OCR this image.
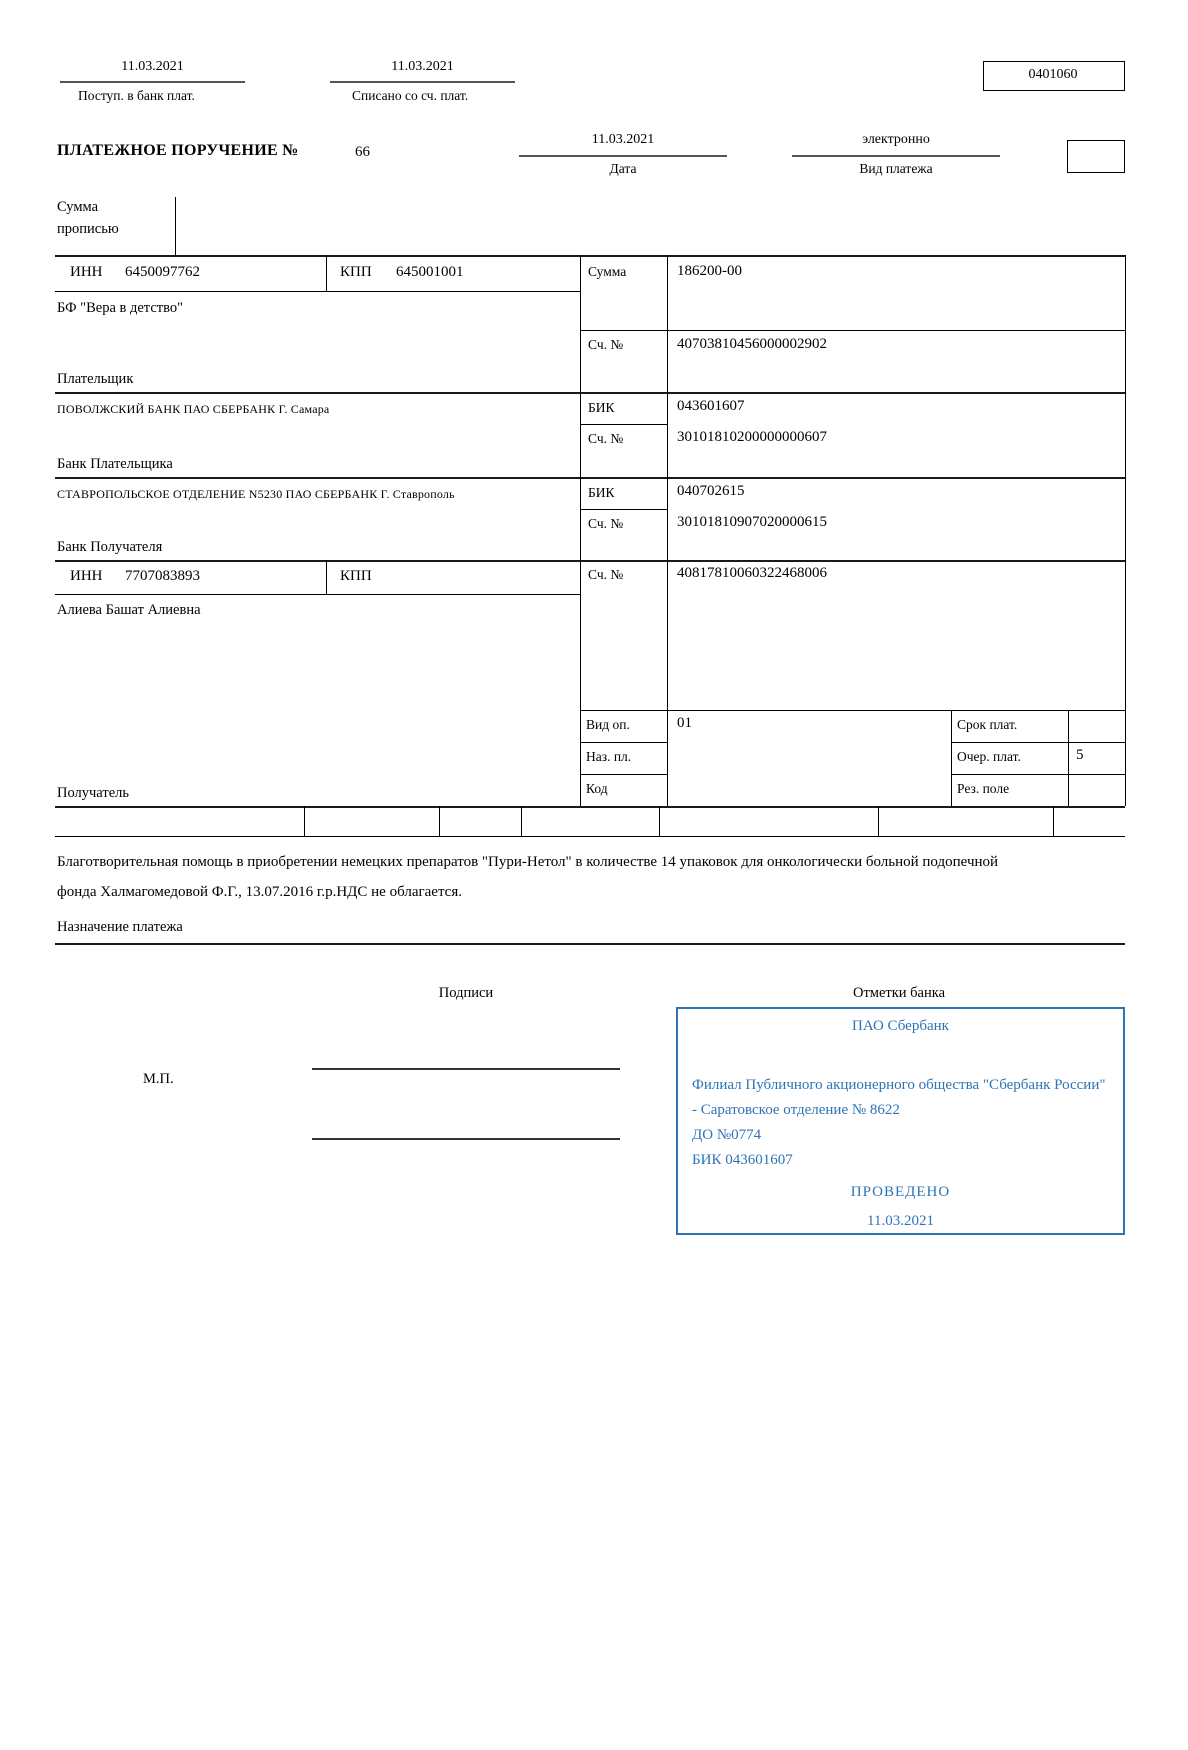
11.03.2021
Поступ. в банк плат.
11.03.2021
Списано со сч. плат.
0401060
ПЛАТЕЖНОЕ ПОРУЧЕНИЕ №	66
11.03.2021
Дата
электронно
Вид платежа
Сумма прописью
ИНН 6450097762	КПП 645001001
БФ "Вера в детство"
Плательщик
ПОВОЛЖСКИЙ БАНК ПАО СБЕРБАНК Г. Самара
Банк Плательщика
СТАВРОПОЛЬСКОЕ ОТДЕЛЕНИЕ N5230 ПАО СБЕРБАНК Г. Ставрополь
Банк Получателя
ИНН 7707083893	КПП
Алиева Башат Алиевна
Получатель
Сумма	186200-00
Сч. №	40703810456000002902
БИК	043601607
Сч. №	30101810200000000607
БИК	040702615
Сч. №	30101810907020000615
Сч. №	40817810060322468006
Вид оп.	01
Наз. пл.
Код
Срок плат.
Очер. плат.	5
Рез. поле
Благотворительная помощь в приобретении немецких препаратов "Пури-Нетол" в количестве 14 упаковок для онкологически больной подопечной фонда Халмагомедовой Ф.Г., 13.07.2016 г.р.НДС не облагается.
Назначение платежа
Подписи	Отметки банка
М.П.
ПАО Сбербанк
Филиал Публичного акционерного общества "Сбербанк России" - Саратовское отделение № 8622
ДО №0774
БИК 043601607
ПРОВЕДЕНО
11.03.2021
